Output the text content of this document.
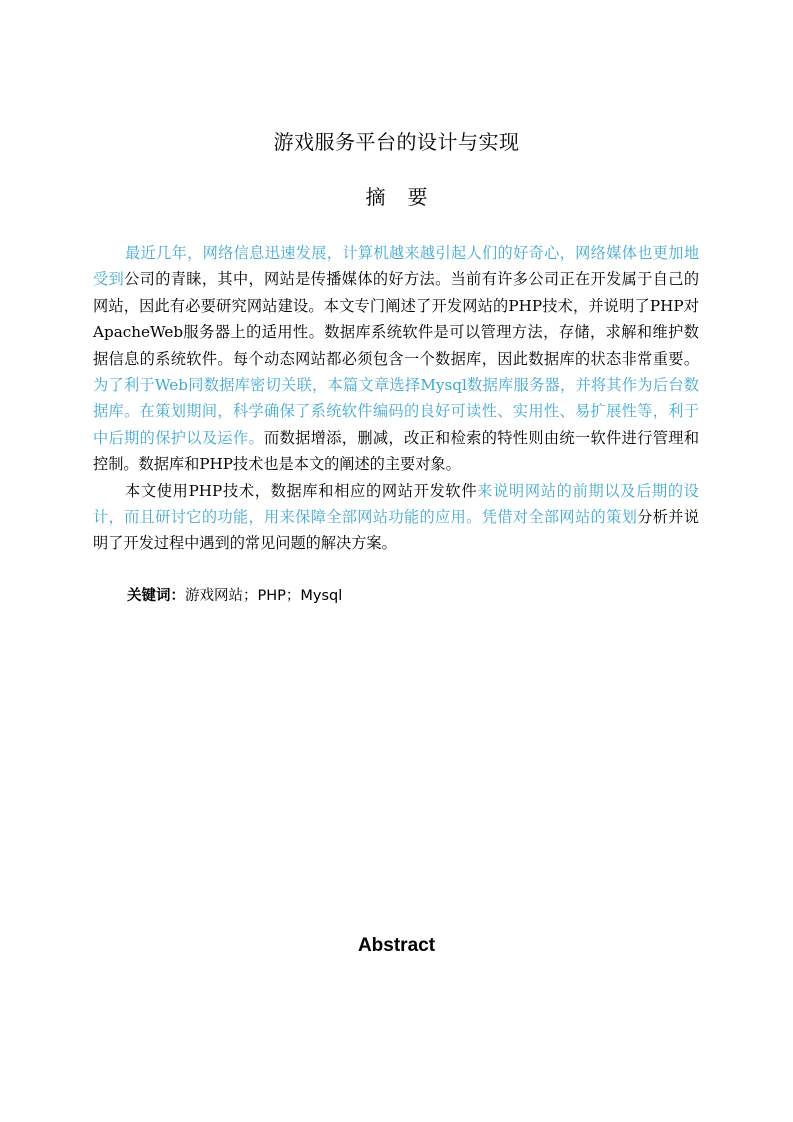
游戏服务平台的设计与实现
摘 要

最近几年，网络信息迅速发展，计算机越来越引起人们的好奇心，网络媒体也更加地受到公司的青睐，其中，网站是传播媒体的好方法。当前有许多公司正在开发属于自己的网站，因此有必要研究网站建设。本文专门阐述了开发网站的PHP技术，并说明了PHP对ApacheWeb服务器上的适用性。数据库系统软件是可以管理方法，存储，求解和维护数据信息的系统软件。每个动态网站都必须包含一个数据库，因此数据库的状态非常重要。为了利于Web同数据库密切关联，本篇文章选择Mysql数据库服务器，并将其作为后台数据库。在策划期间，科学确保了系统软件编码的良好可读性、实用性、易扩展性等，利于中后期的保护以及运作。而数据增添，删减，改正和检索的特性则由统一软件进行管理和控制。数据库和PHP技术也是本文的阐述的主要对象。

本文使用PHP技术，数据库和相应的网站开发软件来说明网站的前期以及后期的设计，而且研讨它的功能，用来保障全部网站功能的应用。凭借对全部网站的策划分析并说明了开发过程中遇到的常见问题的解决方案。

关键词：游戏网站；PHP；Mysql
Abstract
